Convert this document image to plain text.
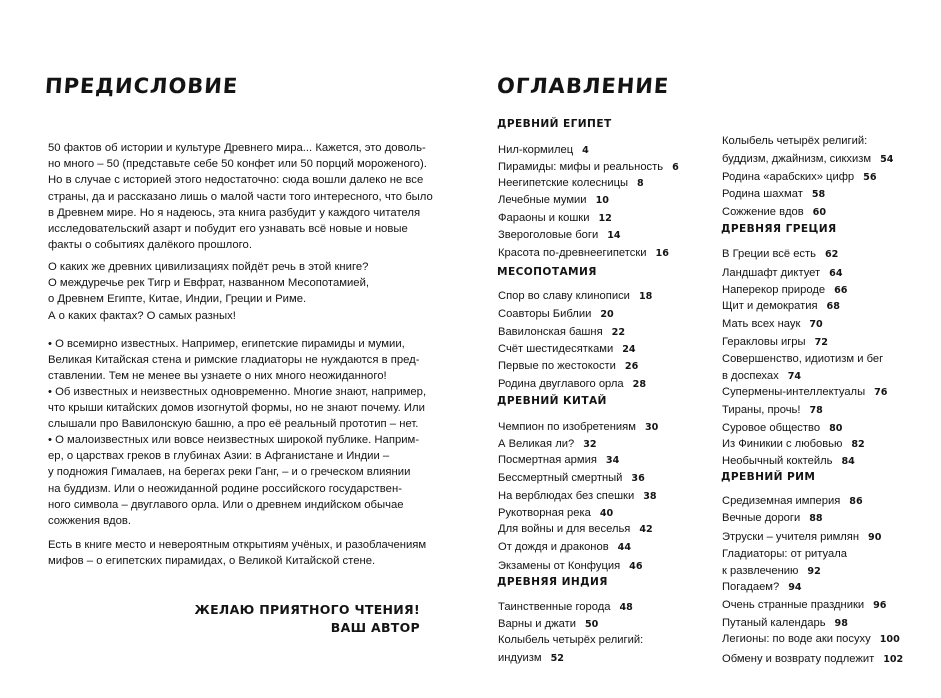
ПРЕДИСЛОВИЕ
50 фактов об истории и культуре Древнего мира... Кажется, это доволь-
но много – 50 (представьте себе 50 конфет или 50 порций мороженого).
Но в случае с историей этого недостаточно: сюда вошли далеко не все
страны, да и рассказано лишь о малой части того интересного, что было
в Древнем мире. Но я надеюсь, эта книга разбудит у каждого читателя
исследовательский азарт и побудит его узнавать всё новые и новые
факты о событиях далёкого прошлого.
О каких же древних цивилизациях пойдёт речь в этой книге?
О междуречье рек Тигр и Евфрат, названном Месопотамией,
о Древнем Египте, Китае, Индии, Греции и Риме.
А о каких фактах? О самых разных!
• О всемирно известных. Например, египетские пирамиды и мумии,
Великая Китайская стена и римские гладиаторы не нуждаются в пред-
ставлении. Тем не менее вы узнаете о них много неожиданного!
• Об известных и неизвестных одновременно. Многие знают, например,
что крыши китайских домов изогнутой формы, но не знают почему. Или
слышали про Вавилонскую башню, а про её реальный прототип – нет.
• О малоизвестных или вовсе неизвестных широкой публике. Наприм-
ер, о царствах греков в глубинах Азии: в Афганистане и Индии –
у подножия Гималаев, на берегах реки Ганг, – и о греческом влиянии
на буддизм. Или о неожиданной родине российского государствен-
ного символа – двуглавого орла. Или о древнем индийском обычае
сожжения вдов.
Есть в книге место и невероятным открытиям учёных, и разоблачениям
мифов – о египетских пирамидах, о Великой Китайской стене.
ЖЕЛАЮ ПРИЯТНОГО ЧТЕНИЯ!
ВАШ АВТОР
ОГЛАВЛЕНИЕ
ДРЕВНИЙ ЕГИПЕТ
МЕСОПОТАМИЯ
ДРЕВНИЙ КИТАЙ
ДРЕВНЯЯ ИНДИЯ
ДРЕВНЯЯ ГРЕЦИЯ
ДРЕВНИЙ РИМ
Нил-кормилец 4
Пирамиды: мифы и реальность 6
Неегипетские колесницы 8
Лечебные мумии 10
Фараоны и кошки 12
Звероголовые боги 14
Красота по-древнеегипетски 16
Спор во славу клинописи 18
Соавторы Библии 20
Вавилонская башня 22
Счёт шестидесятками 24
Первые по жестокости 26
Родина двуглавого орла 28
Чемпион по изобретениям 30
А Великая ли? 32
Посмертная армия 34
Бессмертный смертный 36
На верблюдах без спешки 38
Рукотворная река 40
Для войны и для веселья 42
От дождя и драконов 44
Экзамены от Конфуция 46
Таинственные города 48
Варны и джати 50
Колыбель четырёх религий:
индуизм 52
Колыбель четырёх религий:
буддизм, джайнизм, сикхизм 54
Родина «арабских» цифр 56
Родина шахмат 58
Сожжение вдов 60
В Греции всё есть 62
Ландшафт диктует 64
Наперекор природе 66
Щит и демократия 68
Мать всех наук 70
Геракловы игры 72
Совершенство, идиотизм и бег
в доспехах 74
Супермены-интеллектуалы 76
Тираны, прочь! 78
Суровое общество 80
Из Финикии с любовью 82
Необычный коктейль 84
Средиземная империя 86
Вечные дороги 88
Этруски – учителя римлян 90
Гладиаторы: от ритуала
к развлечению 92
Погадаем? 94
Очень странные праздники 96
Путаный календарь 98
Легионы: по воде аки посуху 100
Обмену и возврату подлежит 102
